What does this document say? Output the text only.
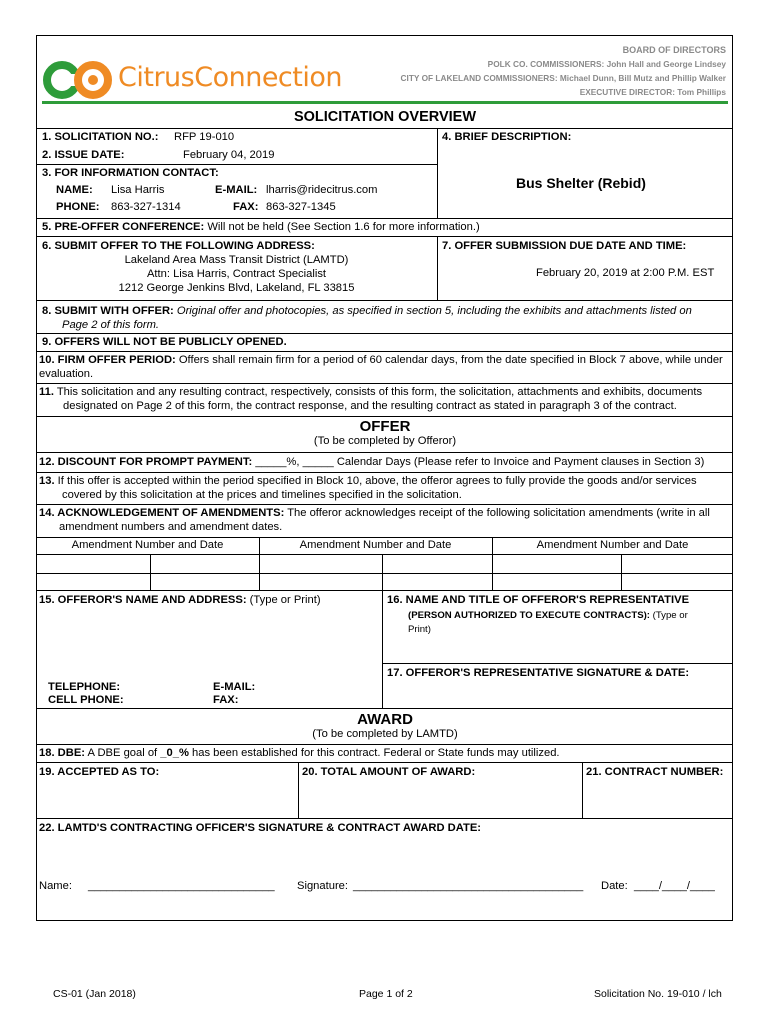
CitrusConnection
BOARD OF DIRECTORS
POLK CO. COMMISSIONERS: John Hall and George Lindsey
CITY OF LAKELAND COMMISSIONERS: Michael Dunn, Bill Mutz and Phillip Walker
EXECUTIVE DIRECTOR: Tom Phillips
SOLICITATION OVERVIEW
1. SOLICITATION NO.: RFP 19-010
2. ISSUE DATE:	February 04, 2019
3. FOR INFORMATION CONTACT:
NAME: Lisa Harris	E-MAIL: lharris@ridecitrus.com
PHONE: 863-327-1314	FAX: 863-327-1345
4. BRIEF DESCRIPTION:
Bus Shelter (Rebid)
5. PRE-OFFER CONFERENCE: Will not be held (See Section 1.6 for more information.)
6. SUBMIT OFFER TO THE FOLLOWING ADDRESS:
Lakeland Area Mass Transit District (LAMTD)
Attn: Lisa Harris, Contract Specialist
1212 George Jenkins Blvd, Lakeland, FL 33815
7. OFFER SUBMISSION DUE DATE AND TIME:
February 20, 2019 at 2:00 P.M. EST
8. SUBMIT WITH OFFER: Original offer and photocopies, as specified in section 5, including the exhibits and attachments listed on
Page 2 of this form.
9. OFFERS WILL NOT BE PUBLICLY OPENED.
10. FIRM OFFER PERIOD: Offers shall remain firm for a period of 60 calendar days, from the date specified in Block 7 above, while under
evaluation.
11. This solicitation and any resulting contract, respectively, consists of this form, the solicitation, attachments and exhibits, documents
designated on Page 2 of this form, the contract response, and the resulting contract as stated in paragraph 3 of the contract.
OFFER
(To be completed by Offeror)
12. DISCOUNT FOR PROMPT PAYMENT: _____%, _____ Calendar Days (Please refer to Invoice and Payment clauses in Section 3)
13. If this offer is accepted within the period specified in Block 10, above, the offeror agrees to fully provide the goods and/or services
covered by this solicitation at the prices and timelines specified in the solicitation.
14. ACKNOWLEDGEMENT OF AMENDMENTS: The offeror acknowledges receipt of the following solicitation amendments (write in all
amendment numbers and amendment dates.
Amendment Number and Date	Amendment Number and Date	Amendment Number and Date
15. OFFEROR'S NAME AND ADDRESS: (Type or Print)
TELEPHONE:
CELL PHONE:
E-MAIL:
FAX:
16. NAME AND TITLE OF OFFEROR'S REPRESENTATIVE
(PERSON AUTHORIZED TO EXECUTE CONTRACTS): (Type or
Print)
17. OFFEROR'S REPRESENTATIVE SIGNATURE & DATE:
AWARD
(To be completed by LAMTD)
18. DBE: A DBE goal of _0_% has been established for this contract. Federal or State funds may utilized.
19. ACCEPTED AS TO:	20. TOTAL AMOUNT OF AWARD:	21. CONTRACT NUMBER:
22. LAMTD'S CONTRACTING OFFICER'S SIGNATURE & CONTRACT AWARD DATE:
Name: ______________________________ Signature: _____________________________________ Date: ____/____/____
CS-01 (Jan 2018)	Page 1 of 2	Solicitation No. 19-010 / lch
